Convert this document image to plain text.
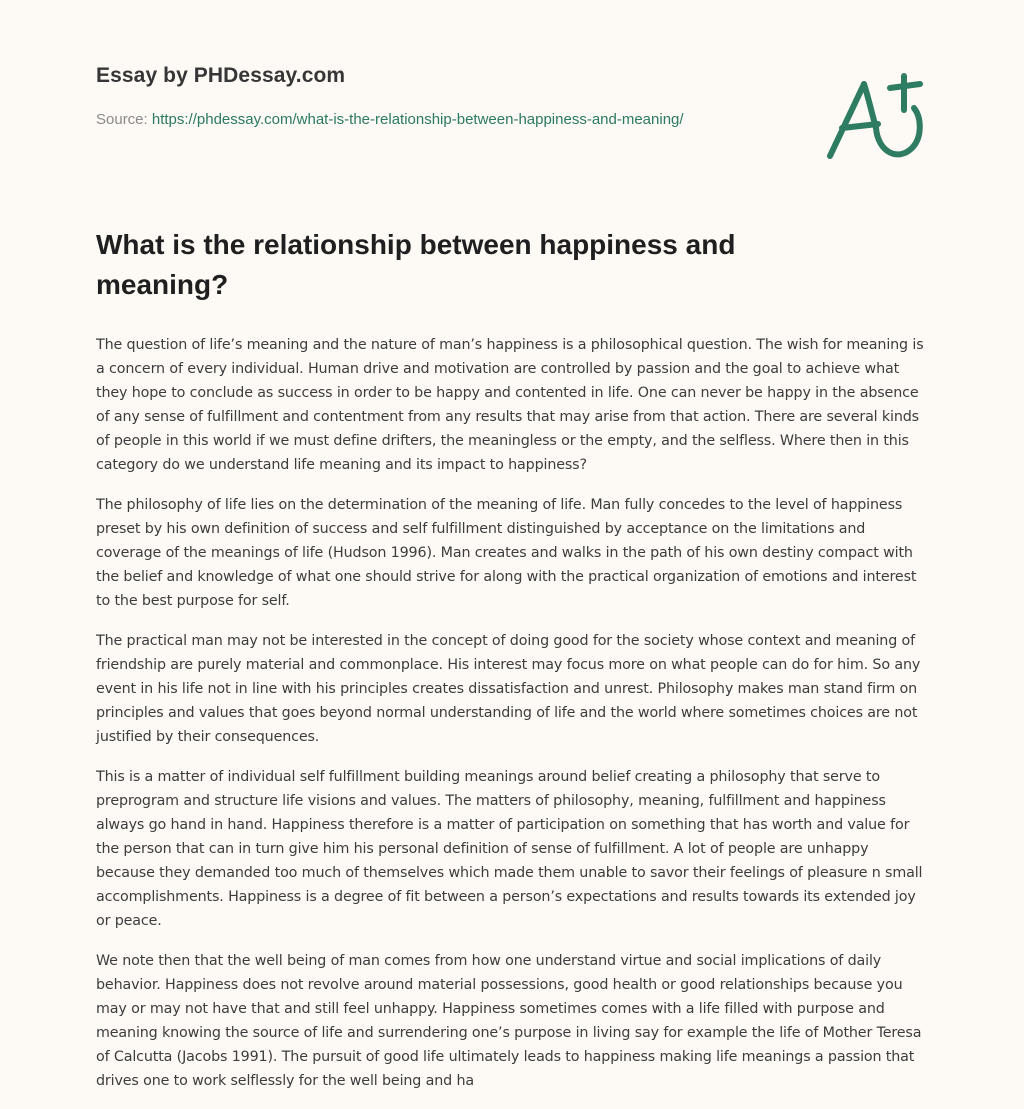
Essay by PHDessay.com
Source: https://phdessay.com/what-is-the-relationship-between-happiness-and-meaning/
What is the relationship between happiness and meaning?

The question of life’s meaning and the nature of man’s happiness is a philosophical question. The wish for meaning is a concern of every individual. Human drive and motivation are controlled by passion and the goal to achieve what they hope to conclude as success in order to be happy and contented in life. One can never be happy in the absence of any sense of fulfillment and contentment from any results that may arise from that action. There are several kinds of people in this world if we must define drifters, the meaningless or the empty, and the selfless. Where then in this category do we understand life meaning and its impact to happiness?

The philosophy of life lies on the determination of the meaning of life. Man fully concedes to the level of happiness preset by his own definition of success and self fulfillment distinguished by acceptance on the limitations and coverage of the meanings of life (Hudson 1996). Man creates and walks in the path of his own destiny compact with the belief and knowledge of what one should strive for along with the practical organization of emotions and interest to the best purpose for self.

The practical man may not be interested in the concept of doing good for the society whose context and meaning of friendship are purely material and commonplace. His interest may focus more on what people can do for him. So any event in his life not in line with his principles creates dissatisfaction and unrest. Philosophy makes man stand firm on principles and values that goes beyond normal understanding of life and the world where sometimes choices are not justified by their consequences.

This is a matter of individual self fulfillment building meanings around belief creating a philosophy that serve to preprogram and structure life visions and values. The matters of philosophy, meaning, fulfillment and happiness always go hand in hand. Happiness therefore is a matter of participation on something that has worth and value for the person that can in turn give him his personal definition of sense of fulfillment. A lot of people are unhappy because they demanded too much of themselves which made them unable to savor their feelings of pleasure n small accomplishments. Happiness is a degree of fit between a person’s expectations and results towards its extended joy or peace.

We note then that the well being of man comes from how one understand virtue and social implications of daily behavior. Happiness does not revolve around material possessions, good health or good relationships because you may or may not have that and still feel unhappy. Happiness sometimes comes with a life filled with purpose and meaning knowing the source of life and surrendering one’s purpose in living say for example the life of Mother Teresa of Calcutta (Jacobs 1991). The pursuit of good life ultimately leads to happiness making life meanings a passion that drives one to work selflessly for the well being and ha
